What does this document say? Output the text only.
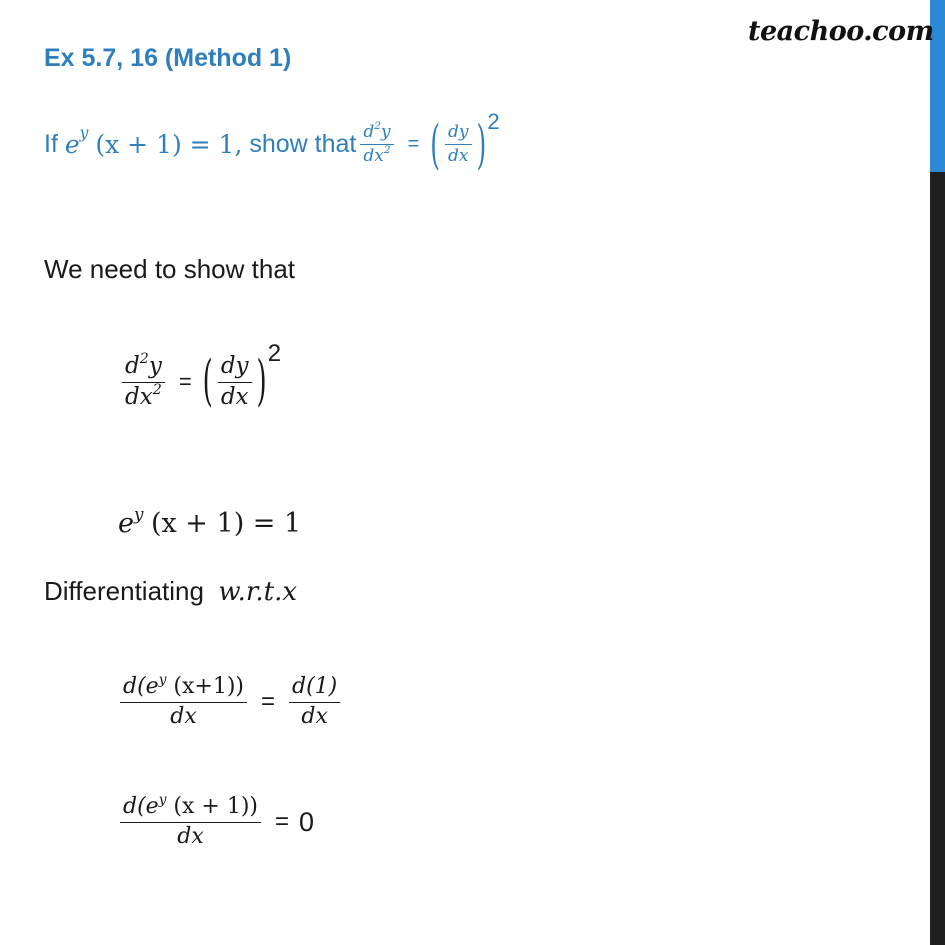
teachoo.com
Ex 5.7, 16 (Method 1)
If
e y
(x + 1) = 1,
show that $\frac{d^2y}{dx^2}$ = ( $\frac{dy}{dx}$ ) 2
We need to show that
$\frac{d^2y}{dx^2}$ = ( $\frac{dy}{dx}$ ) 2
$e^y$ (x + 1) = 1
Differentiating w.r.t.x
$\frac{d(e^y (x+1))}{dx} = \frac{d(1)}{dx}$
$\frac{d(e^y (x + 1))}{dx} = 0$
